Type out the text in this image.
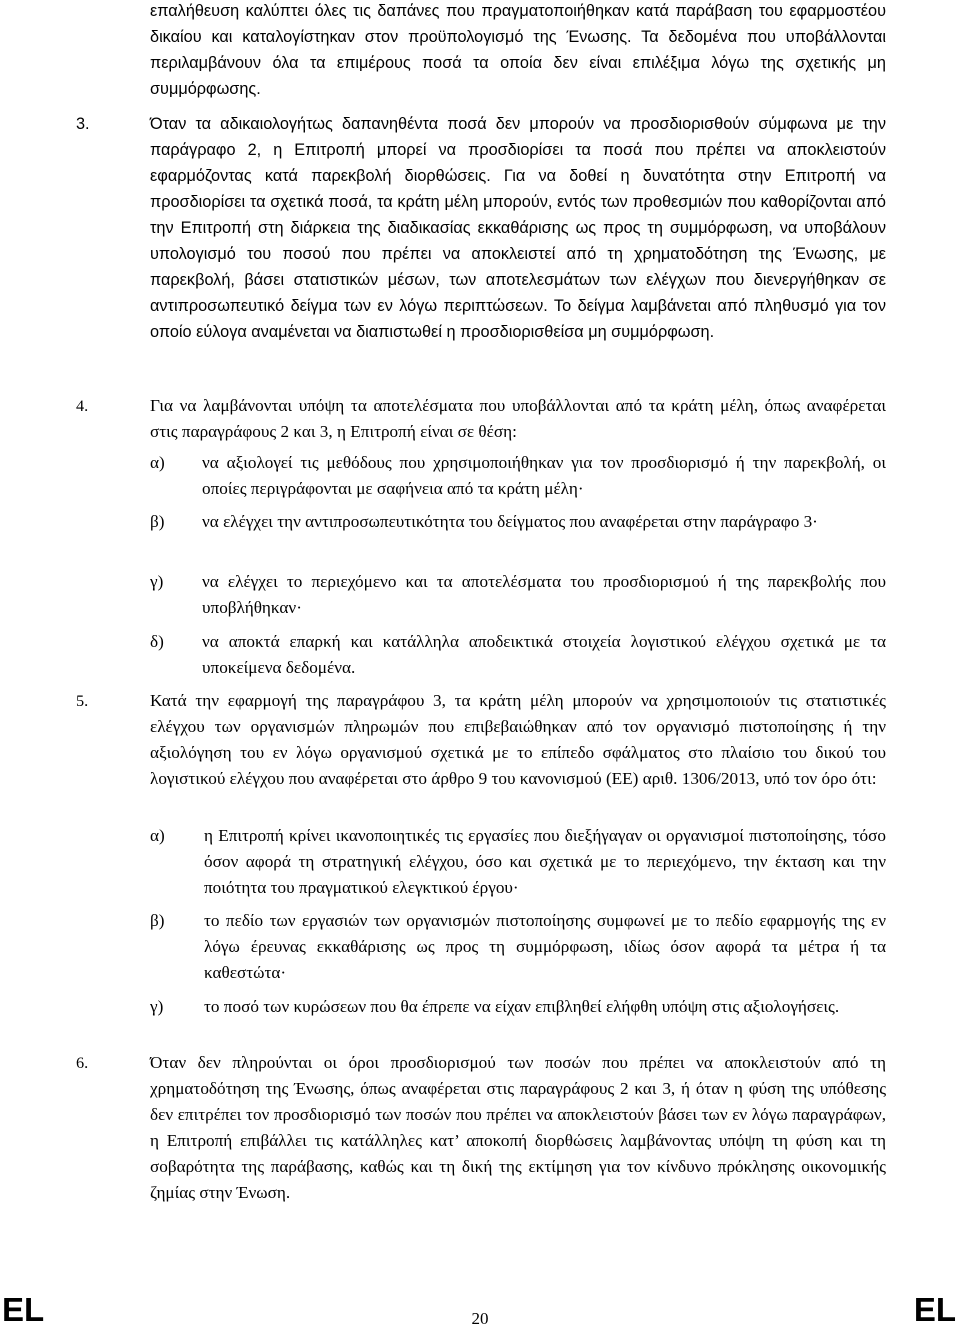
επαλήθευση καλύπτει όλες τις δαπάνες που πραγματοποιήθηκαν κατά παράβαση του εφαρμοστέου δικαίου και καταλογίστηκαν στον προϋπολογισμό της Ένωσης. Τα δεδομένα που υποβάλλονται περιλαμβάνουν όλα τα επιμέρους ποσά τα οποία δεν είναι επιλέξιμα λόγω της σχετικής μη συμμόρφωσης.

3.	Όταν τα αδικαιολογήτως δαπανηθέντα ποσά δεν μπορούν να προσδιορισθούν σύμφωνα με την παράγραφο 2, η Επιτροπή μπορεί να προσδιορίσει τα ποσά που πρέπει να αποκλειστούν εφαρμόζοντας κατά παρεκβολή διορθώσεις. Για να δοθεί η δυνατότητα στην Επιτροπή να προσδιορίσει τα σχετικά ποσά, τα κράτη μέλη μπορούν, εντός των προθεσμιών που καθορίζονται από την Επιτροπή στη διάρκεια της διαδικασίας εκκαθάρισης ως προς τη συμμόρφωση, να υποβάλουν υπολογισμό του ποσού που πρέπει να αποκλειστεί από τη χρηματοδότηση της Ένωσης, με παρεκβολή, βάσει στατιστικών μέσων, των αποτελεσμάτων των ελέγχων που διενεργήθηκαν σε αντιπροσωπευτικό δείγμα των εν λόγω περιπτώσεων. Το δείγμα λαμβάνεται από πληθυσμό για τον οποίο εύλογα αναμένεται να διαπιστωθεί η προσδιορισθείσα μη συμμόρφωση.

4.	Για να λαμβάνονται υπόψη τα αποτελέσματα που υποβάλλονται από τα κράτη μέλη, όπως αναφέρεται στις παραγράφους 2 και 3, η Επιτροπή είναι σε θέση:

α) να αξιολογεί τις μεθόδους που χρησιμοποιήθηκαν για τον προσδιορισμό ή την παρεκβολή, οι οποίες περιγράφονται με σαφήνεια από τα κράτη μέλη·

β) να ελέγχει την αντιπροσωπευτικότητα του δείγματος που αναφέρεται στην παράγραφο 3·

γ) να ελέγχει το περιεχόμενο και τα αποτελέσματα του προσδιορισμού ή της παρεκβολής που υποβλήθηκαν·

δ) να αποκτά επαρκή και κατάλληλα αποδεικτικά στοιχεία λογιστικού ελέγχου σχετικά με τα υποκείμενα δεδομένα.

5.	Κατά την εφαρμογή της παραγράφου 3, τα κράτη μέλη μπορούν να χρησιμοποιούν τις στατιστικές ελέγχου των οργανισμών πληρωμών που επιβεβαιώθηκαν από τον οργανισμό πιστοποίησης ή την αξιολόγηση του εν λόγω οργανισμού σχετικά με το επίπεδο σφάλματος στο πλαίσιο του δικού του λογιστικού ελέγχου που αναφέρεται στο άρθρο 9 του κανονισμού (ΕΕ) αριθ. 1306/2013, υπό τον όρο ότι:

α) η Επιτροπή κρίνει ικανοποιητικές τις εργασίες που διεξήγαγαν οι οργανισμοί πιστοποίησης, τόσο όσον αφορά τη στρατηγική ελέγχου, όσο και σχετικά με το περιεχόμενο, την έκταση και την ποιότητα του πραγματικού ελεγκτικού έργου·

β) το πεδίο των εργασιών των οργανισμών πιστοποίησης συμφωνεί με το πεδίο εφαρμογής της εν λόγω έρευνας εκκαθάρισης ως προς τη συμμόρφωση, ιδίως όσον αφορά τα μέτρα ή τα καθεστώτα·

γ) το ποσό των κυρώσεων που θα έπρεπε να είχαν επιβληθεί ελήφθη υπόψη στις αξιολογήσεις.

6.	Όταν δεν πληρούνται οι όροι προσδιορισμού των ποσών που πρέπει να αποκλειστούν από τη χρηματοδότηση της Ένωσης, όπως αναφέρεται στις παραγράφους 2 και 3, ή όταν η φύση της υπόθεσης δεν επιτρέπει τον προσδιορισμό των ποσών που πρέπει να αποκλειστούν βάσει των εν λόγω παραγράφων, η Επιτροπή επιβάλλει τις κατάλληλες κατ’ αποκοπή διορθώσεις λαμβάνοντας υπόψη τη φύση και τη σοβαρότητα της παράβασης, καθώς και τη δική της εκτίμηση για τον κίνδυνο πρόκλησης οικονομικής ζημίας στην Ένωση.

EL	20	EL
